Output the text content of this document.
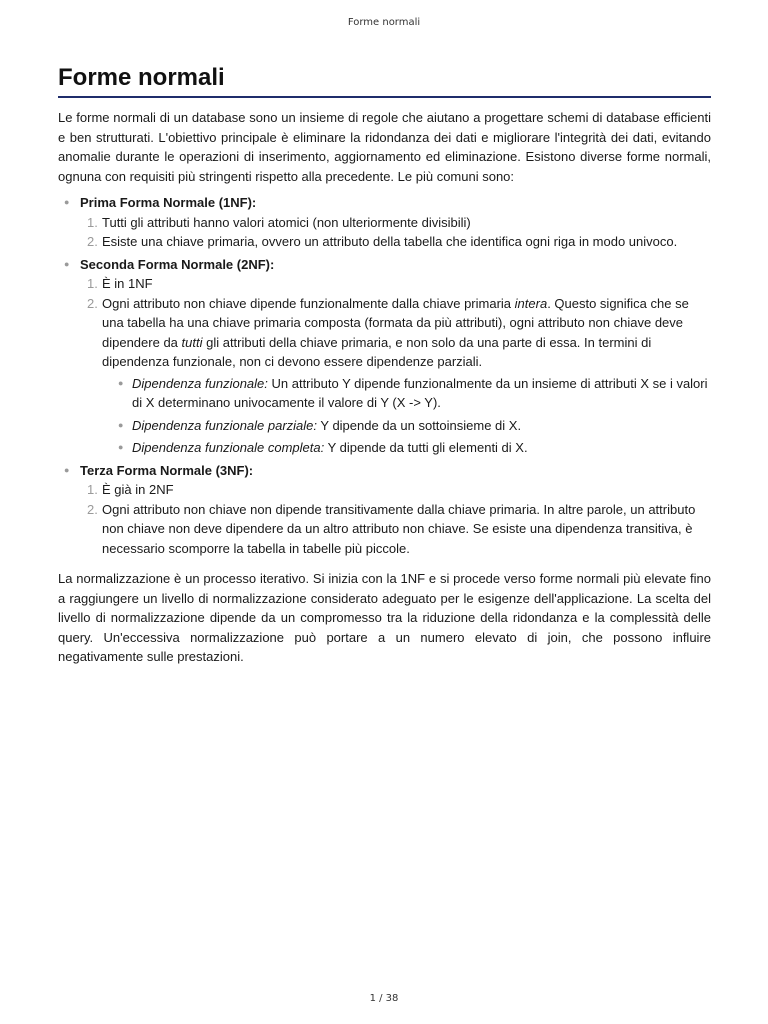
Forme normali
Forme normali

Le forme normali di un database sono un insieme di regole che aiutano a progettare schemi di database efficienti e ben strutturati. L'obiettivo principale è eliminare la ridondanza dei dati e migliorare l'integrità dei dati, evitando anomalie durante le operazioni di inserimento, aggiornamento ed eliminazione. Esistono diverse forme normali, ognuna con requisiti più stringenti rispetto alla precedente. Le più comuni sono:

● Prima Forma Normale (1NF):
1. Tutti gli attributi hanno valori atomici (non ulteriormente divisibili)
2. Esiste una chiave primaria, ovvero un attributo della tabella che identifica ogni riga in modo univoco.
● Seconda Forma Normale (2NF):
1. È in 1NF
2. Ogni attributo non chiave dipende funzionalmente dalla chiave primaria intera. Questo significa che se una tabella ha una chiave primaria composta (formata da più attributi), ogni attributo non chiave deve dipendere da tutti gli attributi della chiave primaria, e non solo da una parte di essa. In termini di dipendenza funzionale, non ci devono essere dipendenze parziali.
● Dipendenza funzionale: Un attributo Y dipende funzionalmente da un insieme di attributi X se i valori di X determinano univocamente il valore di Y (X -> Y).
● Dipendenza funzionale parziale: Y dipende da un sottoinsieme di X.
● Dipendenza funzionale completa: Y dipende da tutti gli elementi di X.
● Terza Forma Normale (3NF):
1. È già in 2NF
2. Ogni attributo non chiave non dipende transitivamente dalla chiave primaria. In altre parole, un attributo non chiave non deve dipendere da un altro attributo non chiave. Se esiste una dipendenza transitiva, è necessario scomporre la tabella in tabelle più piccole.

La normalizzazione è un processo iterativo. Si inizia con la 1NF e si procede verso forme normali più elevate fino a raggiungere un livello di normalizzazione considerato adeguato per le esigenze dell'applicazione. La scelta del livello di normalizzazione dipende da un compromesso tra la riduzione della ridondanza e la complessità delle query. Un'eccessiva normalizzazione può portare a un numero elevato di join, che possono influire negativamente sulle prestazioni.

1 / 38
